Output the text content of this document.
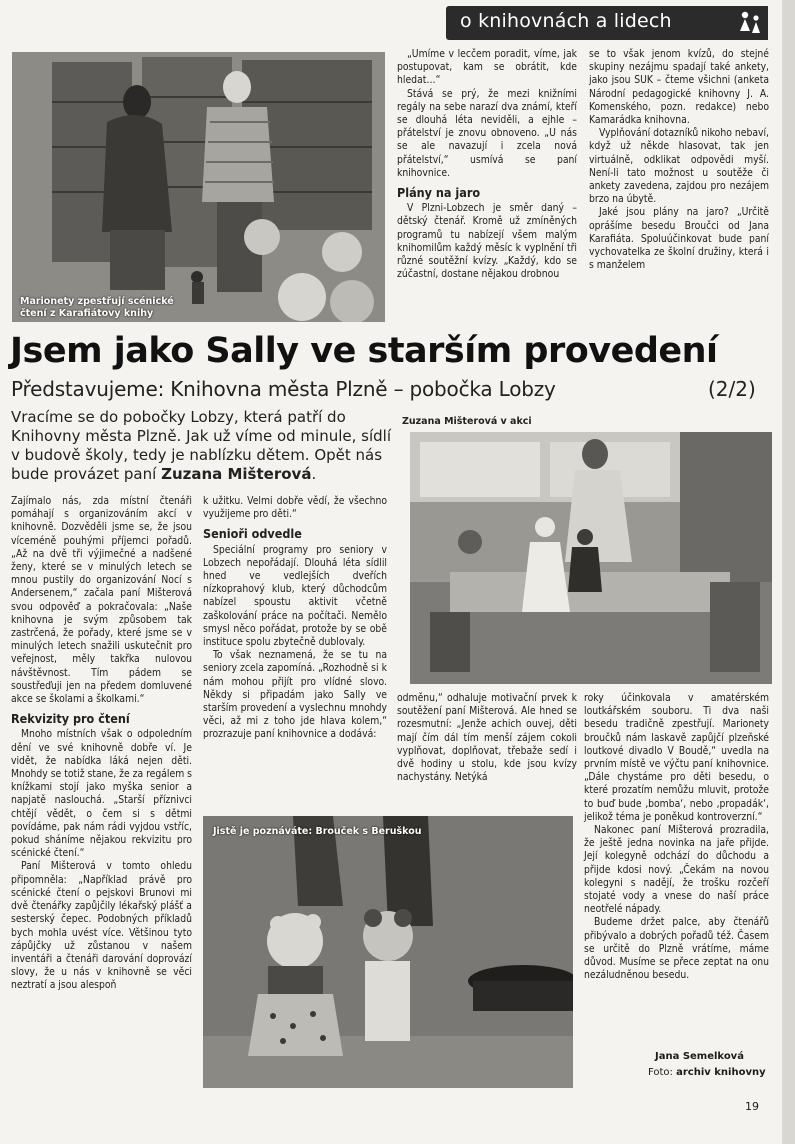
o knihovnách a lidech
Marionety zpestřují scénické čtení z Karafiátovy knihy

„Umíme v lecčem poradit, víme, jak postupovat, kam se obrátit, kde hledat…“

Stává se prý, že mezi knižními regály na sebe narazí dva známí, kteří se dlouhá léta neviděli, a ejhle – přátelství je znovu obnoveno. „U nás se ale navazují i zcela nová přátelství,“ usmívá se paní knihovnice.

Plány na jaro

V Plzni-Lobzech je směr daný – dětský čtenář. Kromě už zmíněných programů tu nabízejí všem malým knihomilům každý měsíc k vyplnění tři různé soutěžní kvízy. „Každý, kdo se zúčastní, dostane nějakou drobnou

se to však jenom kvízů, do stejné skupiny nezájmu spadají také ankety, jako jsou SUK – čteme všichni (anketa Národní pedagogické knihovny J. A. Komenského, pozn. redakce) nebo Kamarádka knihovna.

Vyplňování dotazníků nikoho nebaví, když už někde hlasovat, tak jen virtuálně, odklikat odpovědi myší. Není-li tato možnost u soutěže či ankety zavedena, zajdou pro nezájem brzo na úbytě.

Jaké jsou plány na jaro? „Určitě oprášíme besedu Broučci od Jana Karafiáta. Spoluúčinkovat bude paní vychovatelka ze školní družiny, která i s manželem

Jsem jako Sally ve starším provedení
Představujeme: Knihovna města Plzně – pobočka Lobzy	(2/2)
Vracíme se do pobočky Lobzy, která patří do Knihovny města Plzně. Jak už víme od minule, sídlí v budově školy, tedy je nablízku dětem. Opět nás bude provázet paní Zuzana Mišterová.
Zuzana Mišterová v akci

Zajímalo nás, zda místní čtenáři pomáhají s organizováním akcí v knihovně. Dozvěděli jsme se, že jsou víceméně pouhými příjemci pořadů. „Až na dvě tři výjimečné a nadšené ženy, které se v minulých letech se mnou pustily do organizování Nocí s Andersenem,“ začala paní Mišterová svou odpověď a pokračovala: „Naše knihovna je svým způsobem tak zastrčená, že pořady, které jsme se v minulých letech snažili uskutečnit pro veřejnost, měly takřka nulovou návštěvnost. Tím pádem se soustřeďuji jen na předem domluvené akce se školami a školkami.“

Rekvizity pro čtení

Mnoho místních však o odpoledním dění ve své knihovně dobře ví. Je vidět, že nabídka láká nejen děti. Mnohdy se totiž stane, že za regálem s knížkami stojí jako myška senior a napjatě naslouchá. „Starší příznivci chtějí vědět, o čem si s dětmi povídáme, pak nám rádi vyjdou vstříc, pokud sháníme nějakou rekvizitu pro scénické čtení.“

Paní Mišterová v tomto ohledu připomněla: „Například právě pro scénické čtení o pejskovi Brunovi mi dvě čtenářky zapůjčily lékařský plášť a sesterský čepec. Podobných příkladů bych mohla uvést více. Většinou tyto zápůjčky už zůstanou v našem inventáři a čtenáři darování doprovází slovy, že u nás v knihovně se věci neztratí a jsou alespoň

k užitku. Velmi dobře vědí, že všechno využijeme pro děti.“

Senioři odvedle

Speciální programy pro seniory v Lobzech nepořádají. Dlouhá léta sídlil hned ve vedlejších dveřích nízkoprahový klub, který důchodcům nabízel spoustu aktivit včetně zaškolování práce na počítači. Nemělo smysl něco pořádat, protože by se obě instituce spolu zbytečně dublovaly.

To však neznamená, že se tu na seniory zcela zapomíná. „Rozhodně si k nám mohou přijít pro vlídné slovo. Někdy si připadám jako Sally ve starším provedení a vyslechnu mnohdy věci, až mi z toho jde hlava kolem,“ prozrazuje paní knihovnice a dodává:

odměnu,“ odhaluje motivační prvek k soutěžení paní Mišterová. Ale hned se rozesmutní: „Jenže achich ouvej, děti mají čím dál tím menší zájem cokoli vyplňovat, doplňovat, třebaže sedí i dvě hodiny u stolu, kde jsou kvízy nachystány. Netýká

Jistě je poznáváte: Brouček s Beruškou

roky účinkovala v amatérském loutkářském souboru. Ti dva naši besedu tradičně zpestřují. Marionety broučků nám laskavě zapůjčí plzeňské loutkové divadlo V Boudě,“ uvedla na prvním místě ve výčtu paní knihovnice. „Dále chystáme pro děti besedu, o které prozatím nemůžu mluvit, protože to buď bude ‚bomba‘, nebo ‚propadák‘, jelikož téma je poněkud kontroverzní.“

Nakonec paní Mišterová prozradila, že ještě jedna novinka na jaře přijde. Její kolegyně odchází do důchodu a přijde kdosi nový. „Čekám na novou kolegyni s nadějí, že trošku rozčeří stojaté vody a vnese do naší práce neotřelé nápady.

Budeme držet palce, aby čtenářů přibývalo a dobrých pořadů též. Časem se určitě do Plzně vrátíme, máme důvod. Musíme se přece zeptat na onu nezáludněnou besedu.

Jana Semelková
Foto: archiv knihovny
19
